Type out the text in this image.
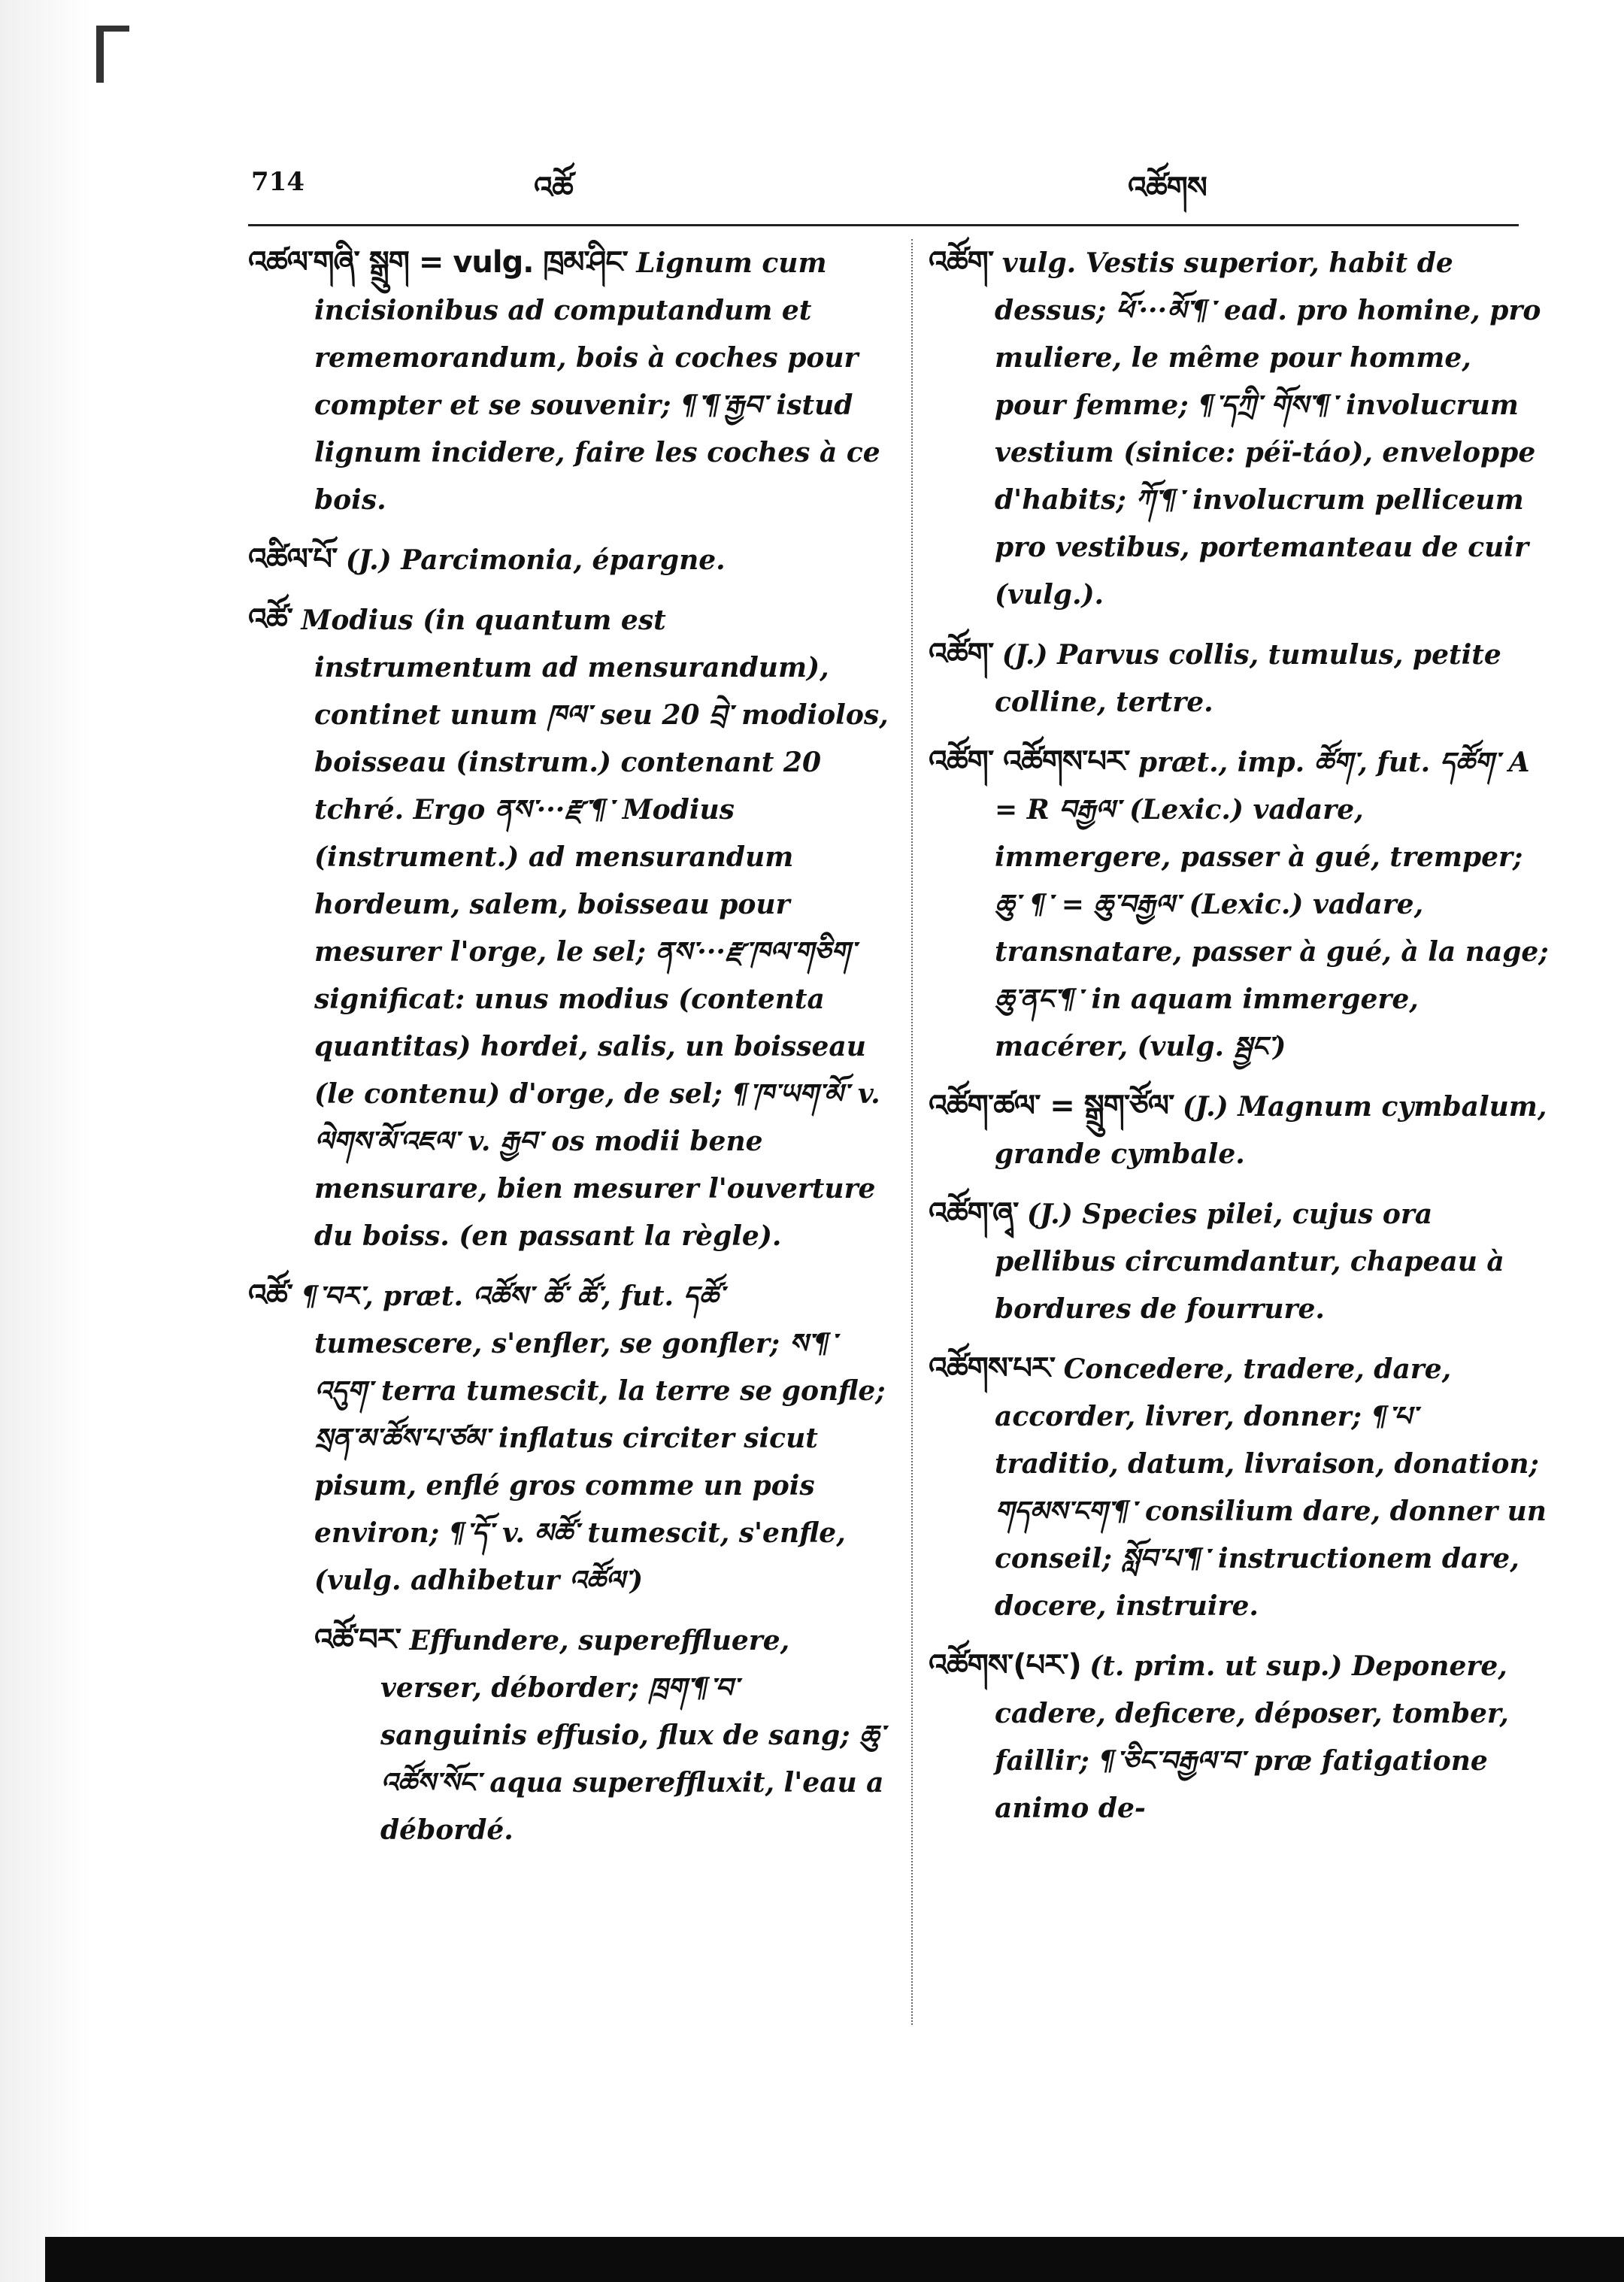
714	འཚོ	འཚོགས

འཚལ་གཞི་ སྒྲུག = vulg. ཁྲམ་ཤིང་ Lignum cum incisionibus ad computandum et rememorandum, bois à coches pour compter et se souvenir; ¶་¶་རྒྱབ་ istud lignum incidere, faire les coches à ce bois.

འཚིལ་པོ་ (J.) Parcimonia, épargne.

འཚོ་ Modius (in quantum est instrumentum ad mensurandum), continet unum ཁལ་ seu 20 བྲེ་ modiolos, boisseau (instrum.) contenant 20 tchré. Ergo ནས་···རྫ་¶་ Modius (instrument.) ad mensurandum hordeum, salem, boisseau pour mesurer l'orge, le sel; ནས་···རྫ་ཁལ་གཅིག་ significat: unus modius (contenta quantitas) hordei, salis, un boisseau (le contenu) d'orge, de sel; ¶་ཁ་ཡག་མོ་ v. ལེགས་མོ་འཇལ་ v. རྒྱབ་ os modii bene mensurare, bien mesurer l'ouverture du boiss. (en passant la règle).

འཚོ་ ¶་བར་, præt. འཚོས་ ཚོ་ ཚོ་, fut. དཚོ་ tumescere, s'enfler, se gonfler; ས་¶་ འདུག་ terra tumescit, la terre se gonfle; སྲན་མ་ཚོས་པ་ཙམ་ inflatus circiter sicut pisum, enflé gros comme un pois environ; ¶་དོ་ v. མཚོ་ tumescit, s'enfle, (vulg. adhibetur འཚོལ་)

འཚོ་བར་ Effundere, supereffluere, verser, déborder; ཁྲག་¶་བ་ sanguinis effusio, flux de sang; ཆུ་འཚོས་སོང་ aqua supereffluxit, l'eau a débordé.

འཚོག་ vulg. Vestis superior, habit de dessus; ཕོ་···མོ་¶་ ead. pro homine, pro muliere, le même pour homme, pour femme; ¶་དཀྲི་ གོས་¶་ involucrum vestium (sinice: péï-táo), enveloppe d'habits; ཀོ་¶་ involucrum pelliceum pro vestibus, portemanteau de cuir (vulg.).

འཚོག་ (J.) Parvus collis, tumulus, petite colline, tertre.

འཚོག་ འཚོགས་པར་ præt., imp. ཚོག་, fut. དཚོག་ A = R བརྒྱལ་ (Lexic.) vadare, immergere, passer à gué, tremper; ཆུ་ ¶་ = ཆུ་བརྒྱལ་ (Lexic.) vadare, transnatare, passer à gué, à la nage; ཆུ་ནང་¶་ in aquam immergere, macérer, (vulg. སྦྱང་)

འཚོག་ཚལ་ = སྒྲུག་ཙོལ་ (J.) Magnum cymbalum, grande cymbale.

འཚོག་ཞྭ་ (J.) Species pilei, cujus ora pellibus circumdantur, chapeau à bordures de fourrure.

འཚོགས་པར་ Concedere, tradere, dare, accorder, livrer, donner; ¶་པ་ traditio, datum, livraison, donation; གདམས་ངག་¶་ consilium dare, donner un conseil; སློབ་པ་¶་ instructionem dare, docere, instruire.

འཚོགས་(པར་) (t. prim. ut sup.) Deponere, cadere, deficere, déposer, tomber, faillir; ¶་ཅིང་བརྒྱལ་བ་ præ fatigatione animo de-
